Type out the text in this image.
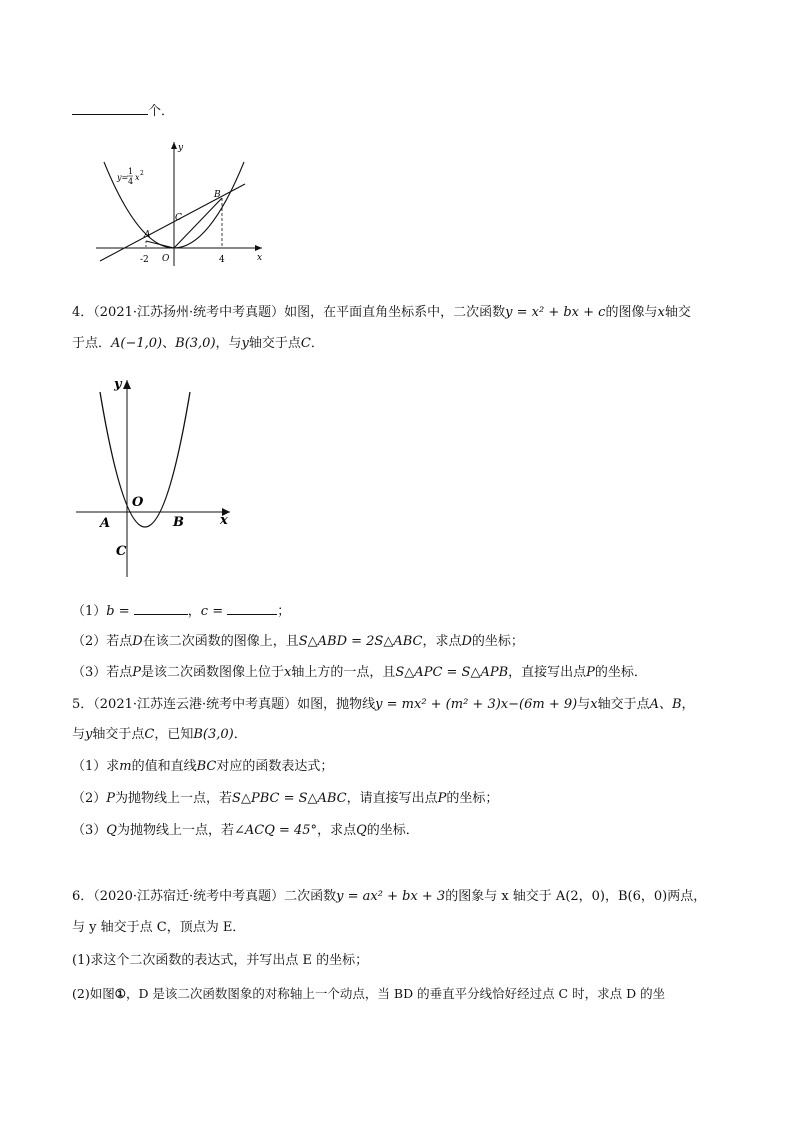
个．
y=
1
4 x 2
y
x
O
A
B
C
-2	4
4．（2021·江苏扬州·统考中考真题）如图，在平面直角坐标系中，二次函数y = x² + bx + c的图像与x轴交
于点．A(−1,0)、B(3,0)，与y轴交于点C．
y
x
O
A	B
C
（1）b =	，c =	；
（2）若点D在该二次函数的图像上，且S△ABD = 2S△ABC，求点D的坐标；
（3）若点P是该二次函数图像上位于x轴上方的一点，且S△APC = S△APB，直接写出点P的坐标．
5．（2021·江苏连云港·统考中考真题）如图，抛物线y = mx² + (m² + 3)x−(6m + 9)与x轴交于点A、B，
与y轴交于点C，已知B(3,0)．
（1）求m的值和直线BC对应的函数表达式；
（2）P为抛物线上一点，若S△PBC = S△ABC，请直接写出点P的坐标；
（3）Q为抛物线上一点，若∠ACQ = 45°，求点Q的坐标．
6．（2020·江苏宿迁·统考中考真题）二次函数y = ax² + bx + 3的图象与 x 轴交于 A(2，0)，B(6，0)两点，
与 y 轴交于点 C，顶点为 E．
(1)求这个二次函数的表达式，并写出点 E 的坐标；
(2)如图①，D 是该二次函数图象的对称轴上一个动点，当 BD 的垂直平分线恰好经过点 C 时，求点 D 的坐
